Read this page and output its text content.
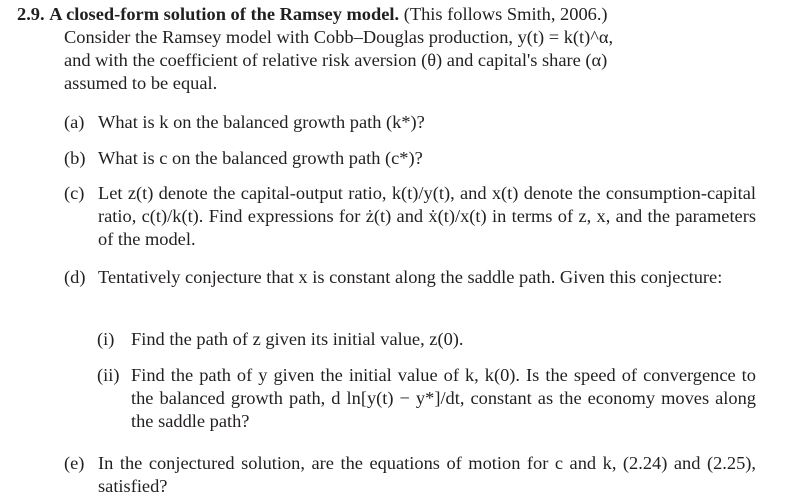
2.9. A closed-form solution of the Ramsey model. (This follows Smith, 2006.)
Consider the Ramsey model with Cobb–Douglas production, y(t) = k(t)^α,
and with the coefficient of relative risk aversion (θ) and capital's share (α)
assumed to be equal.

(a) What is k on the balanced growth path (k*)?

(b) What is c on the balanced growth path (c*)?

(c) Let z(t) denote the capital-output ratio, k(t)/y(t), and x(t) denote the consumption-capital ratio, c(t)/k(t). Find expressions for ż(t) and ẋ(t)/x(t) in terms of z, x, and the parameters of the model.

(d) Tentatively conjecture that x is constant along the saddle path. Given this conjecture:

(i) Find the path of z given its initial value, z(0).

(ii) Find the path of y given the initial value of k, k(0). Is the speed of convergence to the balanced growth path, d ln[y(t) − y*]/dt, constant as the economy moves along the saddle path?

(e) In the conjectured solution, are the equations of motion for c and k, (2.24) and (2.25), satisfied?
